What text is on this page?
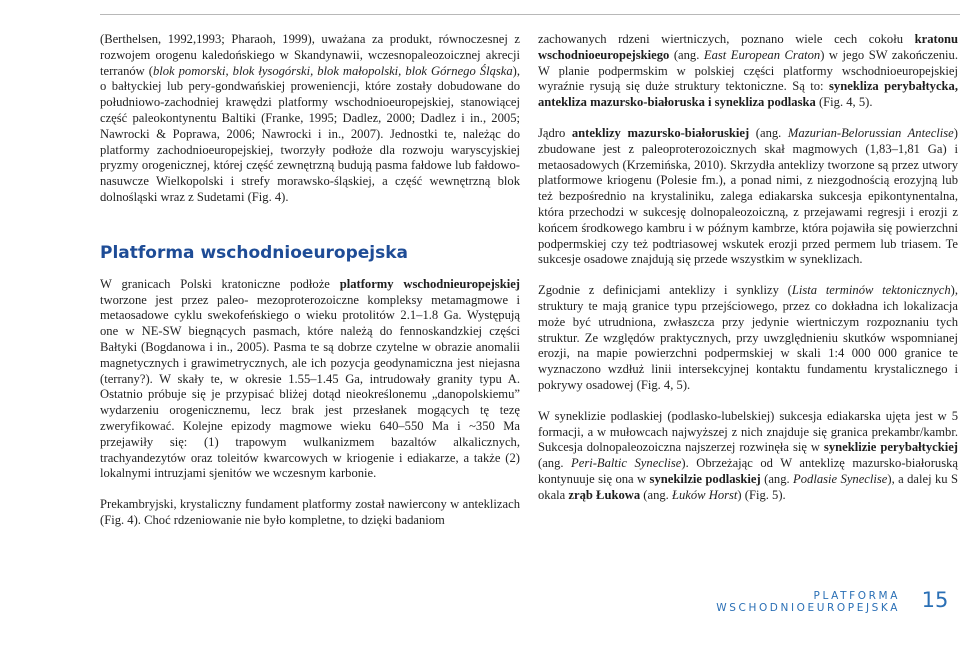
(Berthelsen, 1992,1993; Pharaoh, 1999), uważana za produkt, równoczesnej z rozwojem orogenu kaledońskiego w Skandynawii, wczesnopaleozoicznej akrecji terranów (blok pomorski, blok łysogórski, blok małopolski, blok Górnego Śląska), o bałtyckiej lub pery-gondwańskiej proweniencji, które zostały dobudowane do południowo-zachodniej krawędzi platformy wschodnioeuropejskiej, stanowiącej część paleokontynentu Baltiki (Franke, 1995; Dadlez, 2000; Dadlez i in., 2005; Nawrocki & Poprawa, 2006; Nawrocki i in., 2007). Jednostki te, należąc do platformy zachodnioeuropejskiej, tworzyły podłoże dla rozwoju waryscyjskiej pryzmy orogenicznej, której część zewnętrzną budują pasma fałdowe lub fałdowo-nasuwcze Wielkopolski i strefy morawsko-śląskiej, a część wewnętrzną blok dolnośląski wraz z Sudetami (Fig. 4).

Platforma wschodnioeuropejska

W granicach Polski kratoniczne podłoże platformy wschodnieuropejskiej tworzone jest przez paleo- mezoproterozoiczne kompleksy metamagmowe i metaosadowe cyklu swekofeńskiego o wieku protolitów 2.1–1.8 Ga. Występują one w NE-SW biegnących pasmach, które należą do fennoskandzkiej części Bałtyki (Bogdanowa i in., 2005). Pasma te są dobrze czytelne w obrazie anomalii magnetycznych i grawimetrycznych, ale ich pozycja geodynamiczna jest niejasna (terrany?). W skały te, w okresie 1.55–1.45 Ga, intrudowały granity typu A. Ostatnio próbuje się je przypisać bliżej dotąd nieokreślonemu „danopolskiemu” wydarzeniu orogenicznemu, lecz brak jest przesłanek mogących tę tezę zweryfikować. Kolejne epizody magmowe wieku 640–550 Ma i ~350 Ma przejawiły się: (1) trapowym wulkanizmem bazaltów alkalicznych, trachyandezytów oraz toleitów kwarcowych w kriogenie i ediakarze, a także (2) lokalnymi intruzjami sjenitów we wczesnym karbonie.

Prekambryjski, krystaliczny fundament platformy został nawiercony w anteklizach (Fig. 4). Choć rdzeniowanie nie było kompletne, to dzięki badaniom

zachowanych rdzeni wiertniczych, poznano wiele cech cokołu kratonu wschodnioeuropejskiego (ang. East European Craton) w jego SW zakończeniu. W planie podpermskim w polskiej części platformy wschodnioeuropejskiej wyraźnie rysują się duże struktury tektoniczne. Są to: synekliza perybałtycka, anteklizа mazursko-białoruska i synekliza podlaska (Fig. 4, 5).

Jądro anteklizy mazursko-białoruskiej (ang. Mazurian-Belorussian Anteclise) zbudowane jest z paleoproterozoicznych skał magmowych (1,83–1,81 Ga) i metaosadowych (Krzemińska, 2010). Skrzydła anteklizy tworzone są przez utwory platformowe kriogenu (Polesie fm.), a ponad nimi, z niezgodnością erozyjną lub też bezpośrednio na krystaliniku, zalega ediakarska sukcesja epikontynentalna, która przechodzi w sukcesję dolnopaleozoiczną, z przejawami regresji i erozji z końcem środkowego kambru i w późnym kambrze, która pojawiła się powierzchni podpermskiej czy też podtriasowej wskutek erozji przed permem lub triasem. Te sukcesje osadowe znajdują się przede wszystkim w syneklizach.

Zgodnie z definicjami anteklizy i synklizy (Lista terminów tektonicznych), struktury te mają granice typu przejściowego, przez co dokładna ich lokalizacja może być utrudniona, zwłaszcza przy jedynie wiertniczym rozpoznaniu tych struktur. Ze względów praktycznych, przy uwzględnieniu skutków wspomnianej erozji, na mapie powierzchni podpermskiej w skali 1:4 000 000 granice te wyznaczono wzdłuż linii intersekcyjnej kontaktu fundamentu krystalicznego i pokrywy osadowej (Fig. 4, 5).

W syneklizie podlaskiej (podlasko-lubelskiej) sukcesja ediakarska ujęta jest w 5 formacji, a w mułowcach najwyższej z nich znajduje się granica prekambr/kambr. Sukcesja dolnopaleozoiczna najszerzej rozwinęła się w syneklizie perybałtyckiej (ang. Peri-Baltic Syneclise). Obrzeżając od W anteklizę mazursko-białoruską kontynuuje się ona w synekilzie podlaskiej (ang. Podlasie Syneclise), a dalej ku S okala zrąb Łukowa (ang. Łuków Horst) (Fig. 5).

PLATFORMA WSCHODNIOEUROPEJSKA	15
